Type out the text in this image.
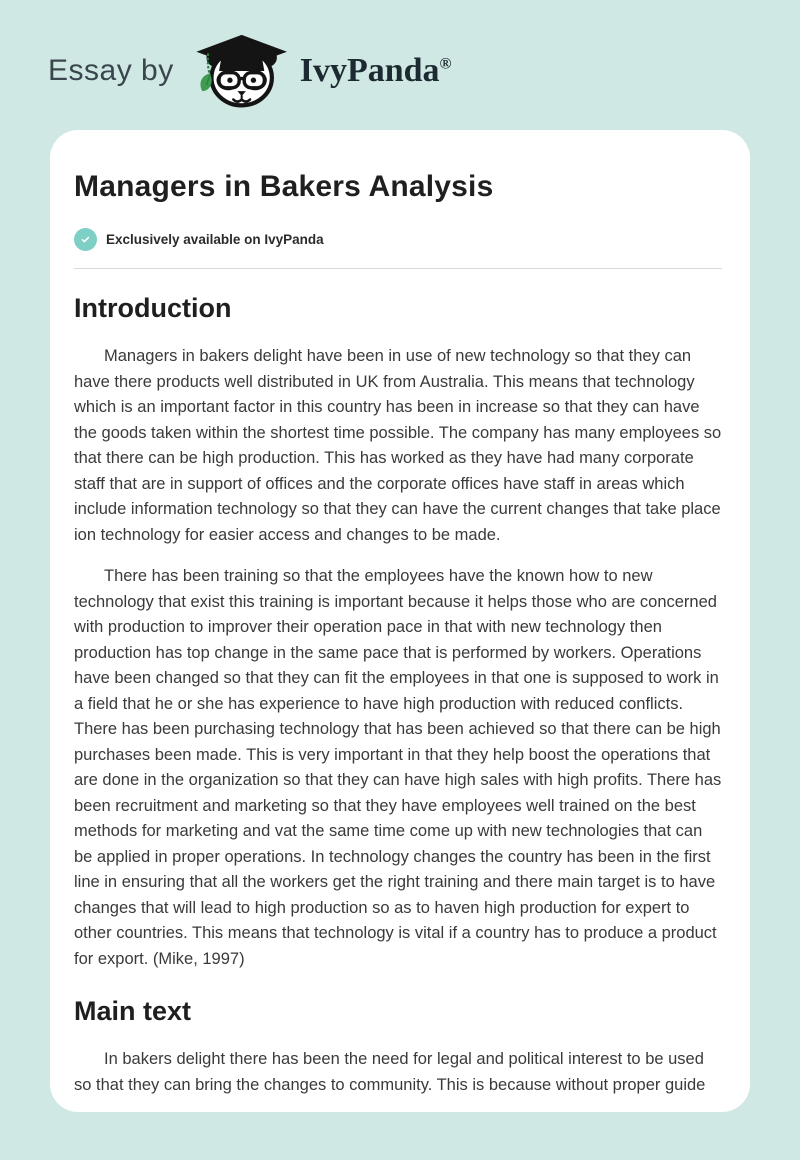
Essay by	IvyPanda®
Managers in Bakers Analysis
Exclusively available on IvyPanda
Introduction

Managers in bakers delight have been in use of new technology so that they can have there products well distributed in UK from Australia. This means that technology which is an important factor in this country has been in increase so that they can have the goods taken within the shortest time possible. The company has many employees so that there can be high production. This has worked as they have had many corporate staff that are in support of offices and the corporate offices have staff in areas which include information technology so that they can have the current changes that take place ion technology for easier access and changes to be made.

There has been training so that the employees have the known how to new technology that exist this training is important because it helps those who are concerned with production to improver their operation pace in that with new technology then production has top change in the same pace that is performed by workers. Operations have been changed so that they can fit the employees in that one is supposed to work in a field that he or she has experience to have high production with reduced conflicts. There has been purchasing technology that has been achieved so that there can be high purchases been made. This is very important in that they help boost the operations that are done in the organization so that they can have high sales with high profits. There has been recruitment and marketing so that they have employees well trained on the best methods for marketing and vat the same time come up with new technologies that can be applied in proper operations. In technology changes the country has been in the first line in ensuring that all the workers get the right training and there main target is to have changes that will lead to high production so as to haven high production for expert to other countries. This means that technology is vital if a country has to produce a product for export. (Mike, 1997)

Main text

In bakers delight there has been the need for legal and political interest to be used so that they can bring the changes to community. This is because without proper guide
